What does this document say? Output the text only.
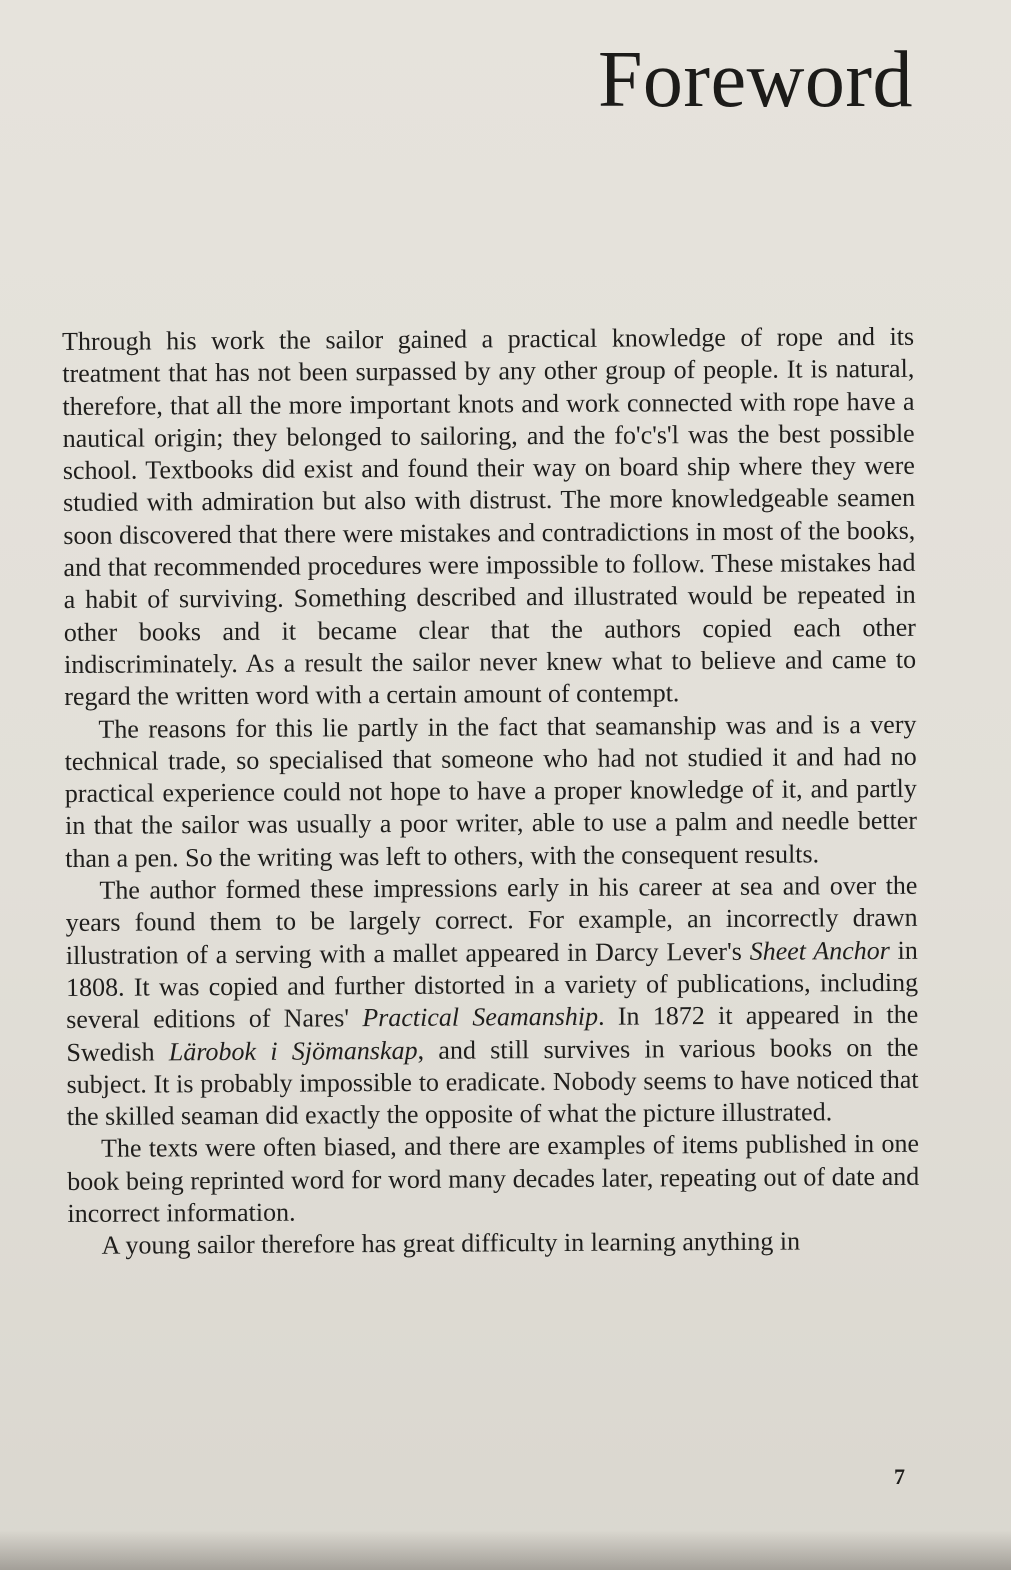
Foreword

Through his work the sailor gained a practical knowledge of rope and its treatment that has not been surpassed by any other group of people. It is natural, therefore, that all the more important knots and work connected with rope have a nautical origin; they belonged to sailoring, and the fo'c's'l was the best possible school. Textbooks did exist and found their way on board ship where they were studied with admiration but also with distrust. The more knowledgeable seamen soon discovered that there were mistakes and contradictions in most of the books, and that recommended procedures were impossible to follow. These mistakes had a habit of surviving. Something described and illustrated would be repeated in other books and it became clear that the authors copied each other indiscriminately. As a result the sailor never knew what to believe and came to regard the written word with a certain amount of contempt.

The reasons for this lie partly in the fact that seamanship was and is a very technical trade, so specialised that someone who had not studied it and had no practical experience could not hope to have a proper knowledge of it, and partly in that the sailor was usually a poor writer, able to use a palm and needle better than a pen. So the writing was left to others, with the consequent results.

The author formed these impressions early in his career at sea and over the years found them to be largely correct. For example, an incorrectly drawn illustration of a serving with a mallet appeared in Darcy Lever's Sheet Anchor in 1808. It was copied and further distorted in a variety of publications, including several editions of Nares' Practical Seamanship. In 1872 it appeared in the Swedish Lärobok i Sjömanskap, and still survives in various books on the subject. It is probably impossible to eradicate. Nobody seems to have noticed that the skilled seaman did exactly the opposite of what the picture illustrated.

The texts were often biased, and there are examples of items published in one book being reprinted word for word many decades later, repeating out of date and incorrect information.

A young sailor therefore has great difficulty in learning anything in

7
